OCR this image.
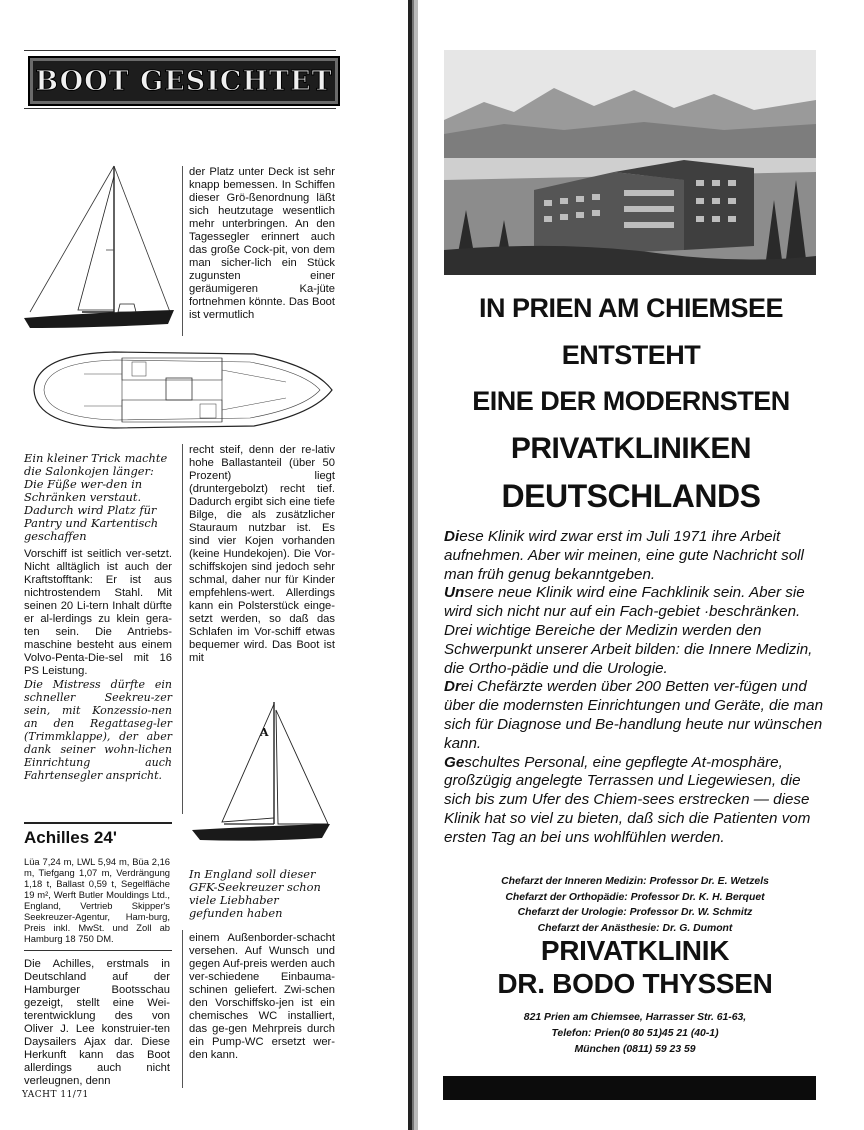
BOOT GESICHTET
der Platz unter Deck ist sehr knapp bemessen. In Schiffen dieser Grö-ßenordnung läßt sich heutzutage wesentlich mehr unterbringen. An den Tagessegler erinnert auch das große Cock-pit, von dem man sicher-lich ein Stück zugunsten einer geräumigeren Ka-jüte fortnehmen könnte. Das Boot ist vermutlich
Ein kleiner Trick machte die Salonkojen länger: Die Füße wer-den in Schränken verstaut. Dadurch wird Platz für Pantry und Kartentisch geschaffen

Vorschiff ist seitlich ver-setzt. Nicht alltäglich ist auch der Kraftstofftank: Er ist aus nichtrostendem Stahl. Mit seinen 20 Li-tern Inhalt dürfte er al-lerdings zu klein gera-ten sein. Die Antriebs-maschine besteht aus einem Volvo-Penta-Die-sel mit 16 PS Leistung.

Die Mistress dürfte ein schneller Seekreu-zer sein, mit Konzessio-nen an den Regattaseg-ler (Trimmklappe), der aber dank seiner wohn-lichen Einrichtung auch Fahrtensegler anspricht.

recht steif, denn der re-lativ hohe Ballastanteil (über 50 Prozent) liegt (druntergebolzt) recht tief. Dadurch ergibt sich eine tiefe Bilge, die als zusätzlicher Stauraum nutzbar ist. Es sind vier Kojen vorhanden (keine Hundekojen). Die Vor-schiffskojen sind jedoch sehr schmal, daher nur für Kinder empfehlens-wert. Allerdings kann ein Polsterstück einge-setzt werden, so daß das Schlafen im Vor-schiff etwas bequemer wird. Das Boot ist mit
A
In England soll dieser GFK-Seekreuzer schon viele Liebhaber gefunden haben
Achilles 24'
Lüa 7,24 m, LWL 5,94 m, Büa 2,16 m, Tiefgang 1,07 m, Verdrängung 1,18 t, Ballast 0,59 t, Segelfläche 19 m², Werft Butler Mouldings Ltd., England, Vertrieb Skipper's Seekreuzer-Agentur, Ham-burg, Preis inkl. MwSt. und Zoll ab Hamburg 18 750 DM.
Die Achilles, erstmals in Deutschland auf der Hamburger Bootsschau gezeigt, stellt eine Wei-terentwicklung des von Oliver J. Lee konstruier-ten Daysailers Ajax dar. Diese Herkunft kann das Boot allerdings auch nicht verleugnen, denn
einem Außenborder-schacht versehen. Auf Wunsch und gegen Auf-preis werden auch ver-schiedene Einbauma-schinen geliefert. Zwi-schen den Vorschiffsko-jen ist ein chemisches WC installiert, das ge-gen Mehrpreis durch ein Pump-WC ersetzt wer-den kann.
YACHT 11/71
IN PRIEN AM CHIEMSEE
ENTSTEHT
EINE DER MODERNSTEN
PRIVATKLINIKEN
DEUTSCHLANDS

Diese Klinik wird zwar erst im Juli 1971 ihre Arbeit aufnehmen. Aber wir meinen, eine gute Nachricht soll man früh genug bekanntgeben.

Unsere neue Klinik wird eine Fachklinik sein. Aber sie wird sich nicht nur auf ein Fach-gebiet ·beschränken. Drei wichtige Bereiche der Medizin werden den Schwerpunkt unserer Arbeit bilden: die Innere Medizin, die Ortho-pädie und die Urologie.

Drei Chefärzte werden über 200 Betten ver-fügen und über die modernsten Einrichtungen und Geräte, die man sich für Diagnose und Be-handlung heute nur wünschen kann.

Geschultes Personal, eine gepflegte At-mosphäre, großzügig angelegte Terrassen und Liegewiesen, die sich bis zum Ufer des Chiem-sees erstrecken — diese Klinik hat so viel zu bieten, daß sich die Patienten vom ersten Tag an bei uns wohlfühlen werden.

Chefarzt der Inneren Medizin: Professor Dr. E. Wetzels
Chefarzt der Orthopädie: Professor Dr. K. H. Berquet
Chefarzt der Urologie: Professor Dr. W. Schmitz
Chefarzt der Anästhesie: Dr. G. Dumont
PRIVATKLINIK
DR. BODO THYSSEN
821 Prien am Chiemsee, Harrasser Str. 61-63,
Telefon: Prien(0 80 51)45 21 (40-1)
München (0811) 59 23 59
